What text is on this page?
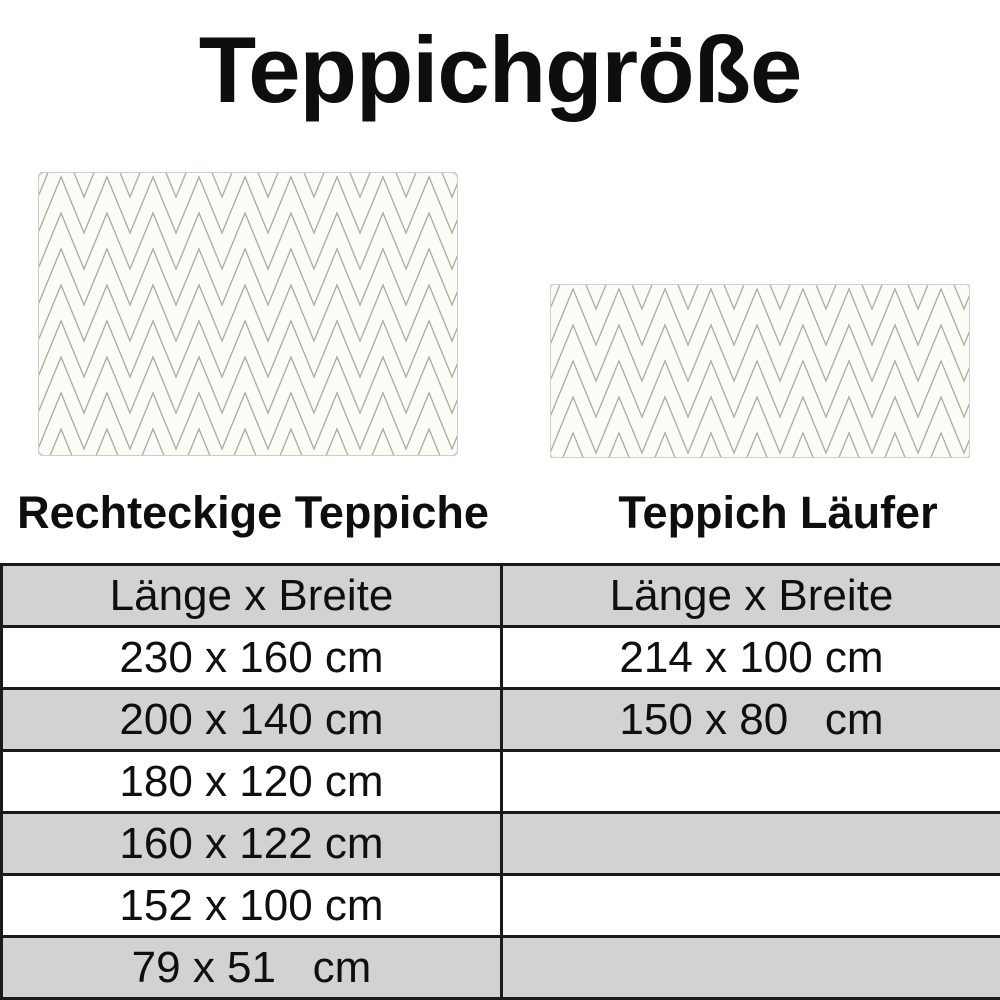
Teppichgröße
Rechteckige Teppiche	Teppich Läufer
Länge x Breite	Länge x Breite
230 x 160 cm	214 x 100 cm
200 x 140 cm	150 x 80   cm
180 x 120 cm	
160 x 122 cm	
152 x 100 cm	
79 x 51   cm	
